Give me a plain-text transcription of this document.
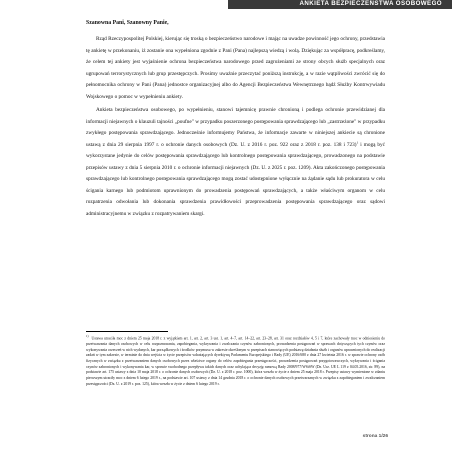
ANKIETA BEZPIECZEŃSTWA OSOBOWEGO

Szanowna Pani, Szanowny Panie,

Rząd Rzeczypospolitej Polskiej, kierując się troską o bezpieczeństwo narodowe i mając na uwadze powinność jego ochrony, przedstawia tę ankietę w przekonaniu, iż zostanie ona wypełniona zgodnie z Pani (Pana) najlepszą wiedzą i wolą. Dziękując za współpracę, podkreślamy, że celem tej ankiety jest wyjaśnienie ochrona bezpieczeństwa narodowego przed zagrożeniami ze strony obcych służb specjalnych oraz ugrupowań terrorystycznych lub grup przestępczych. Prosimy uważnie przeczytać poniższą instrukcję, a w razie wątpliwości zwrócić się do pełnomocnika ochrony w Pani (Pana) jednostce organizacyjnej albo do Agencji Bezpieczeństwa Wewnętrznego bądź Służby Kontrwywiadu Wojskowego o pomoc w wypełnieniu ankiety.

Ankieta bezpieczeństwa osobowego, po wypełnieniu, stanowi tajemnicę prawnie chronioną i podlega ochronie przewidzianej dla informacji niejawnych o klauzuli tajności „poufne" w przypadku poszerzonego postępowania sprawdzającego lub „zastrzeżone" w przypadku zwykłego postępowania sprawdzającego. Jednocześnie informujemy Państwa, że informacje zawarte w niniejszej ankiecie są chronione ustawą z dnia 29 sierpnia 1997 r. o ochronie danych osobowych (Dz. U. z 2016 r. poz. 922 oraz z 2018 r. poz. 138 i 723)$^1$ i mogą być wykorzystane jedynie do celów postępowania sprawdzającego lub kontrolnego postępowania sprawdzającego, prowadzonego na podstawie przepisów ustawy z dnia 5 sierpnia 2010 r. o ochronie informacji niejawnych (Dz. U. z 2025 r. poz. 1209). Akta zakończonego postępowania sprawdzającego lub kontrolnego postępowania sprawdzającego mogą zostać udostępnione wyłącznie na żądanie sądu lub prokuratora w celu ścigania karnego lub podmiotom uprawnionym do prowadzenia postępowań sprawdzających, a także właściwym organom w celu rozpatrzenia odwołania lub dokonania sprawdzenia prawidłowości przeprowadzenia postępowania sprawdzającego oraz sądowi administracyjnemu w związku z rozpatrywaniem skargi.

$^{1)}$Ustawa utraciła moc z dniem 25 maja 2018 r. z wyjątkiem art. 1, art. 2, art. 3 ust. 1, art. 4–7, art. 14–22, art. 23–28, art. 31 oraz rozdziałów 4, 5 i 7, które zachowały moc w odniesieniu do przetwarzania danych osobowych w celu rozpoznawania, zapobiegania, wykrywania i zwalczania czynów zabronionych, prowadzenia postępowań w sprawach dotyczących tych czynów oraz wykonywania orzeczeń w nich wydanych, kar porządkowych i środków przymusu w zakresie określonym w przepisach stanowiących podstawę działania służb i organów uprawnionych do realizacji zadań w tym zakresie, w terminie do dnia wejścia w życie przepisów wdrażających dyrektywę Parlamentu Europejskiego i Rady (UE) 2016/680 z dnia 27 kwietnia 2016 r. w sprawie ochrony osób fizycznych w związku z przetwarzaniem danych osobowych przez właściwe organy do celów zapobiegania przestępczości, prowadzenia postępowań przygotowawczych, wykrywania i ścigania czynów zabronionych i wykonywania kar, w sprawie swobodnego przepływu takich danych oraz uchylająca decyzję ramową Rady 2008/977/WSiSW (Dz. Urz. UE L 119 z 04.05.2016, str. 89), na podstawie art. 175 ustawy z dnia 10 maja 2018 r. o ochronie danych osobowych (Dz. U. z 2018 r. poz. 1000), która weszła w życie z dniem 25 maja 2018 r. Przepisy ustawy wymienione w zdaniu pierwszym utraciły moc z dniem 6 lutego 2019 r., na podstawie art. 107 ustawy z dnia 14 grudnia 2018 r. o ochronie danych osobowych przetwarzanych w związku z zapobieganiem i zwalczaniem przestępczości (Dz. U. z 2019 r. poz. 125), która weszła w życie z dniem 6 lutego 2019 r.
strona 1/26
